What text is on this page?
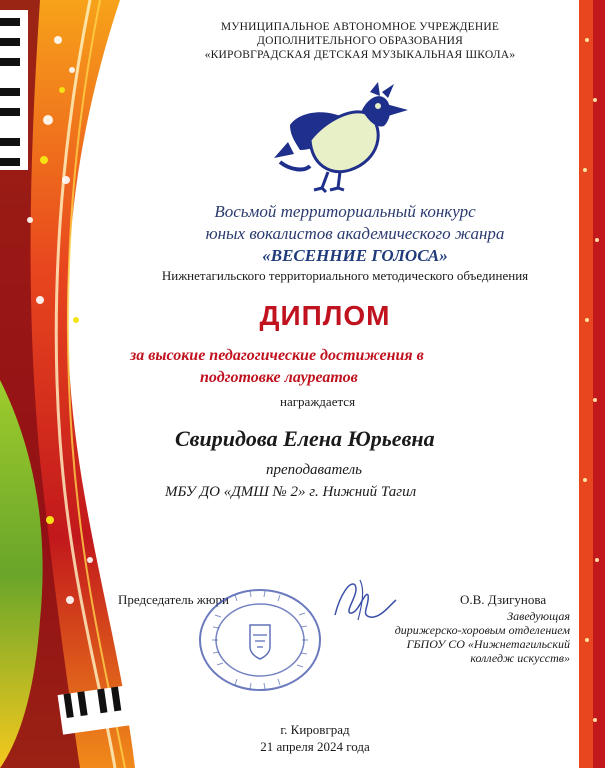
МУНИЦИПАЛЬНОЕ АВТОНОМНОЕ УЧРЕЖДЕНИЕ
ДОПОЛНИТЕЛЬНОГО ОБРАЗОВАНИЯ
«КИРОВГРАДСКАЯ ДЕТСКАЯ МУЗЫКАЛЬНАЯ ШКОЛА»
Восьмой территориальный конкурс
юных вокалистов академического жанра
«ВЕСЕННИЕ ГОЛОСА»
Нижнетагильского территориального методического объединения
ДИПЛОМ
за высокие педагогические достижения в
подготовке лауреатов
награждается
Свиридова Елена Юрьевна
преподаватель
МБУ ДО «ДМШ № 2» г. Нижний Тагил
Председатель жюри	О.В. Дзигунова
Заведующая
дирижерско-хоровым отделением
ГБПОУ СО «Нижнетагильский
колледж искусств»
г. Кировград
21 апреля 2024 года
